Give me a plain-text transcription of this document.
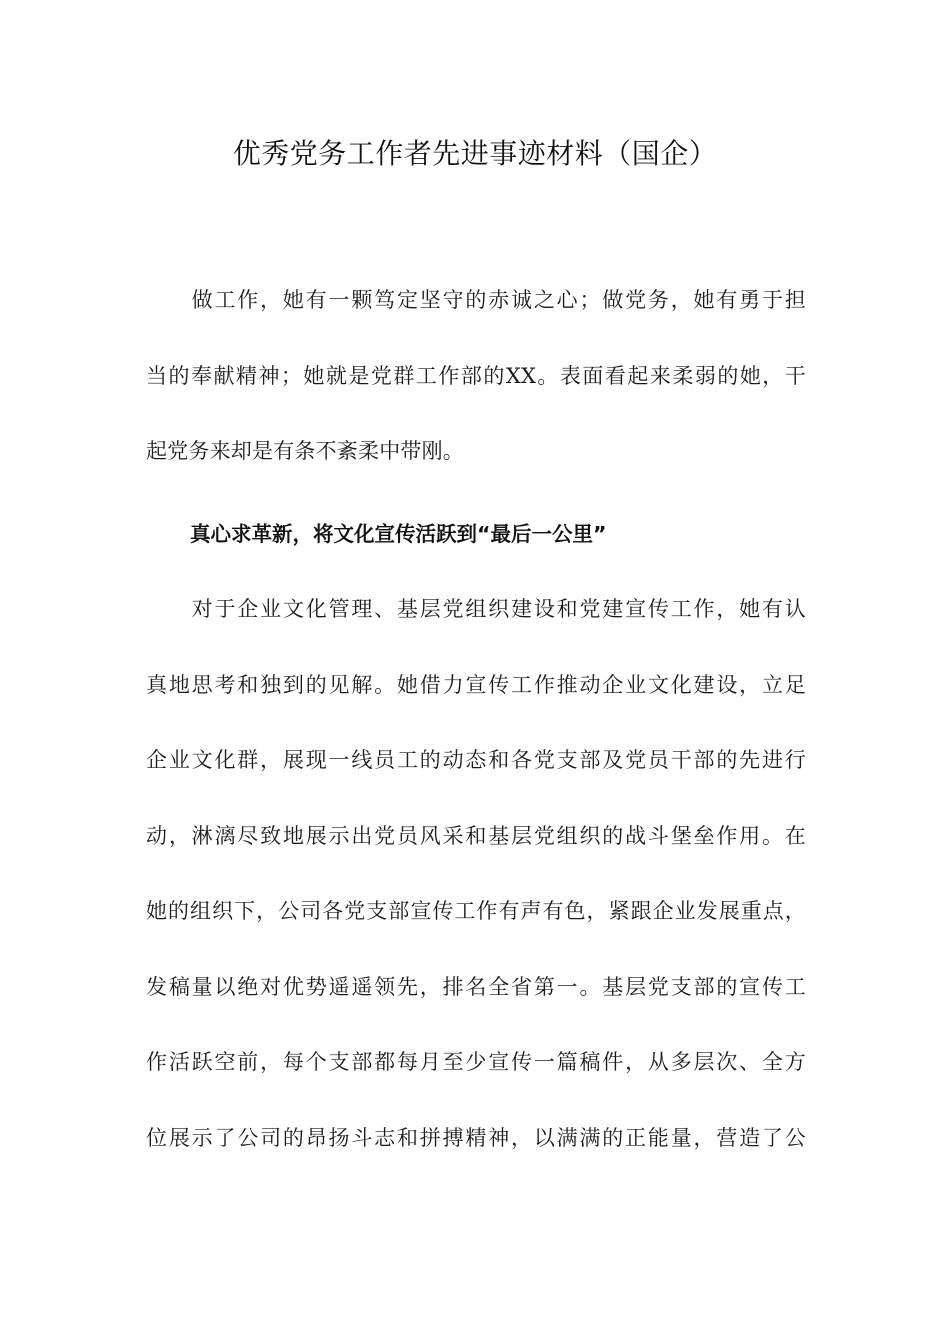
优秀党务工作者先进事迹材料（国企）
　　做工作，她有一颗笃定坚守的赤诚之心；做党务，她有勇于担
当的奉献精神；她就是党群工作部的XX。表面看起来柔弱的她，干
起党务来却是有条不紊柔中带刚。
真心求革新，将文化宣传活跃到“最后一公里”
　　对于企业文化管理、基层党组织建设和党建宣传工作，她有认
真地思考和独到的见解。她借力宣传工作推动企业文化建设，立足
企业文化群，展现一线员工的动态和各党支部及党员干部的先进行
动，淋漓尽致地展示出党员风采和基层党组织的战斗堡垒作用。在
她的组织下，公司各党支部宣传工作有声有色，紧跟企业发展重点，
发稿量以绝对优势遥遥领先，排名全省第一。基层党支部的宣传工
作活跃空前，每个支部都每月至少宣传一篇稿件，从多层次、全方
位展示了公司的昂扬斗志和拼搏精神，以满满的正能量，营造了公
